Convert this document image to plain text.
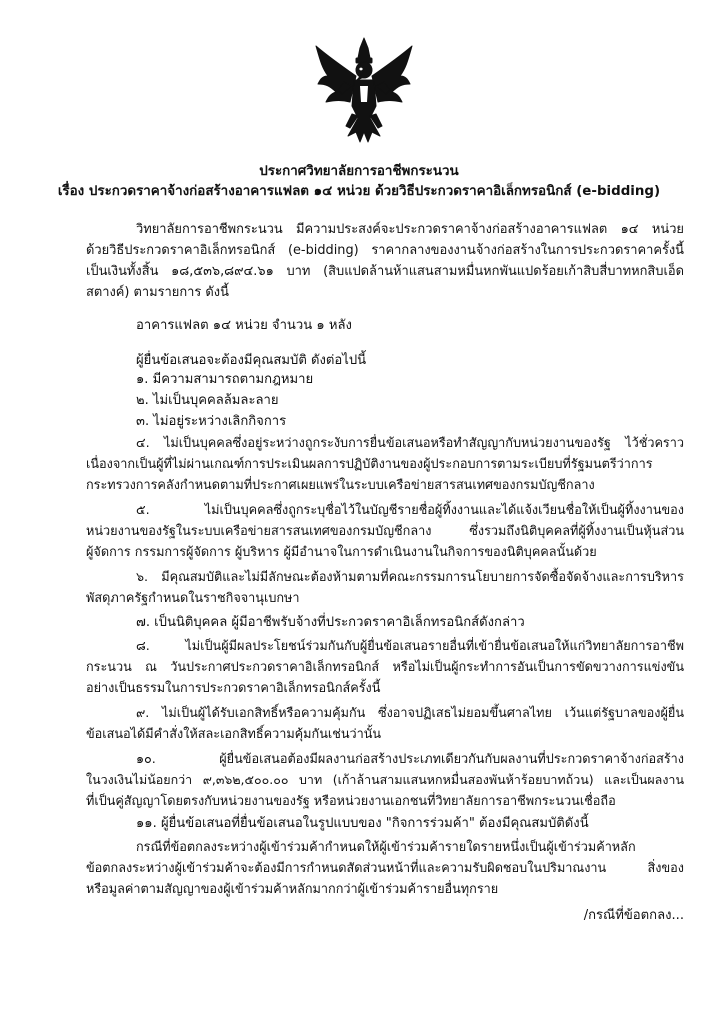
ประกาศวิทยาลัยการอาชีพกระนวน
เรื่อง ประกวดราคาจ้างก่อสร้างอาคารแฟลต ๑๔ หน่วย ด้วยวิธีประกวดราคาอิเล็กทรอนิกส์ (e-bidding)
วิทยาลัยการอาชีพกระนวน มีความประสงค์จะประกวดราคาจ้างก่อสร้างอาคารแฟลต ๑๔ หน่วย
ด้วยวิธีประกวดราคาอิเล็กทรอนิกส์ (e-bidding) ราคากลางของงานจ้างก่อสร้างในการประกวดราคาครั้งนี้
เป็นเงินทั้งสิ้น ๑๘,๕๓๖,๘๙๔.๖๑ บาท (สิบแปดล้านห้าแสนสามหมื่นหกพันแปดร้อยเก้าสิบสี่บาทหกสิบเอ็ด
สตางค์) ตามรายการ ดังนี้
อาคารแฟลต ๑๔ หน่วย จำนวน ๑ หลัง
ผู้ยื่นข้อเสนอจะต้องมีคุณสมบัติ ดังต่อไปนี้
๑. มีความสามารถตามกฎหมาย
๒. ไม่เป็นบุคคลล้มละลาย
๓. ไม่อยู่ระหว่างเลิกกิจการ
๔. ไม่เป็นบุคคลซึ่งอยู่ระหว่างถูกระงับการยื่นข้อเสนอหรือทำสัญญากับหน่วยงานของรัฐ ไว้ชั่วคราว
เนื่องจากเป็นผู้ที่ไม่ผ่านเกณฑ์การประเมินผลการปฏิบัติงานของผู้ประกอบการตามระเบียบที่รัฐมนตรีว่าการ
กระทรวงการคลังกำหนดตามที่ประกาศเผยแพร่ในระบบเครือข่ายสารสนเทศของกรมบัญชีกลาง
๕. ไม่เป็นบุคคลซึ่งถูกระบุชื่อไว้ในบัญชีรายชื่อผู้ทิ้งงานและได้แจ้งเวียนชื่อให้เป็นผู้ทิ้งงานของ
หน่วยงานของรัฐในระบบเครือข่ายสารสนเทศของกรมบัญชีกลาง ซึ่งรวมถึงนิติบุคคลที่ผู้ทิ้งงานเป็นหุ้นส่วน
ผู้จัดการ กรรมการผู้จัดการ ผู้บริหาร ผู้มีอำนาจในการดำเนินงานในกิจการของนิติบุคคลนั้นด้วย
๖. มีคุณสมบัติและไม่มีลักษณะต้องห้ามตามที่คณะกรรมการนโยบายการจัดซื้อจัดจ้างและการบริหาร
พัสดุภาครัฐกำหนดในราชกิจจานุเบกษา
๗. เป็นนิติบุคคล ผู้มีอาชีพรับจ้างที่ประกวดราคาอิเล็กทรอนิกส์ดังกล่าว
๘. ไม่เป็นผู้มีผลประโยชน์ร่วมกันกับผู้ยื่นข้อเสนอรายอื่นที่เข้ายื่นข้อเสนอให้แก่วิทยาลัยการอาชีพ
กระนวน ณ วันประกาศประกวดราคาอิเล็กทรอนิกส์ หรือไม่เป็นผู้กระทำการอันเป็นการขัดขวางการแข่งขัน
อย่างเป็นธรรมในการประกวดราคาอิเล็กทรอนิกส์ครั้งนี้
๙. ไม่เป็นผู้ได้รับเอกสิทธิ์หรือความคุ้มกัน ซึ่งอาจปฏิเสธไม่ยอมขึ้นศาลไทย เว้นแต่รัฐบาลของผู้ยื่น
ข้อเสนอได้มีคำสั่งให้สละเอกสิทธิ์ความคุ้มกันเช่นว่านั้น
๑๐. ผู้ยื่นข้อเสนอต้องมีผลงานก่อสร้างประเภทเดียวกันกับผลงานที่ประกวดราคาจ้างก่อสร้าง
ในวงเงินไม่น้อยกว่า ๙,๓๖๒,๕๐๐.๐๐ บาท (เก้าล้านสามแสนหกหมื่นสองพันห้าร้อยบาทถ้วน) และเป็นผลงาน
ที่เป็นคู่สัญญาโดยตรงกับหน่วยงานของรัฐ หรือหน่วยงานเอกชนที่วิทยาลัยการอาชีพกระนวนเชื่อถือ
๑๑. ผู้ยื่นข้อเสนอที่ยื่นข้อเสนอในรูปแบบของ "กิจการร่วมค้า" ต้องมีคุณสมบัติดังนี้
กรณีที่ข้อตกลงระหว่างผู้เข้าร่วมค้ากำหนดให้ผู้เข้าร่วมค้ารายใดรายหนึ่งเป็นผู้เข้าร่วมค้าหลัก
ข้อตกลงระหว่างผู้เข้าร่วมค้าจะต้องมีการกำหนดสัดส่วนหน้าที่และความรับผิดชอบในปริมาณงาน สิ่งของ
หรือมูลค่าตามสัญญาของผู้เข้าร่วมค้าหลักมากกว่าผู้เข้าร่วมค้ารายอื่นทุกราย
/กรณีที่ข้อตกลง...
